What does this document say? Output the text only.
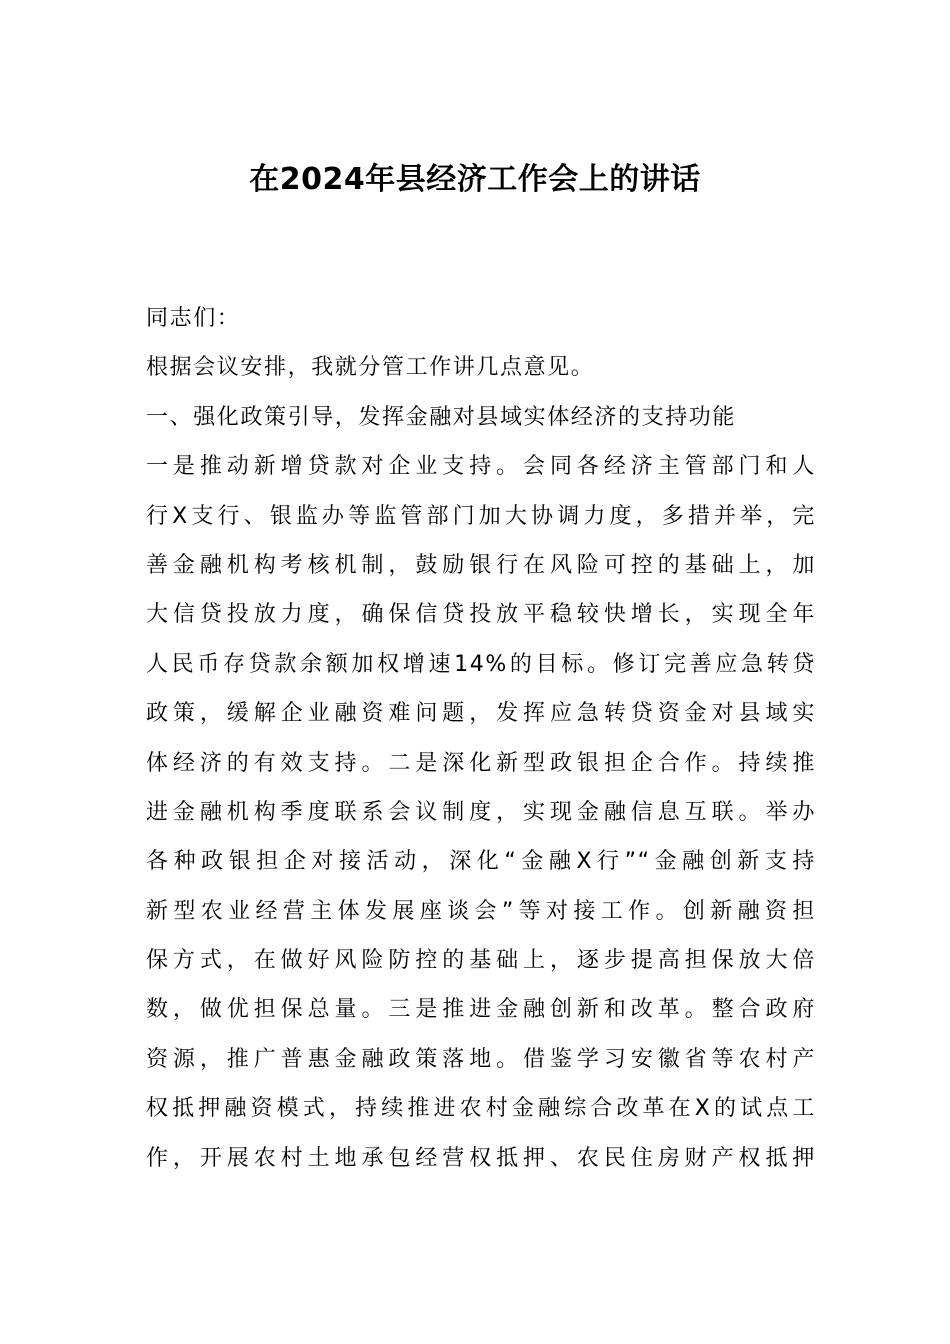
在2024年县经济工作会上的讲话
同志们：
根据会议安排，我就分管工作讲几点意见。
一、强化政策引导，发挥金融对县域实体经济的支持功能
一是推动新增贷款对企业支持。会同各经济主管部门和人
行X支行、银监办等监管部门加大协调力度，多措并举，完
善金融机构考核机制，鼓励银行在风险可控的基础上，加
大信贷投放力度，确保信贷投放平稳较快增长，实现全年
人民币存贷款余额加权增速14%的目标。修订完善应急转贷
政策，缓解企业融资难问题，发挥应急转贷资金对县域实
体经济的有效支持。二是深化新型政银担企合作。持续推
进金融机构季度联系会议制度，实现金融信息互联。举办
各种政银担企对接活动，深化“金融X行”“金融创新支持
新型农业经营主体发展座谈会”等对接工作。创新融资担
保方式，在做好风险防控的基础上，逐步提高担保放大倍
数，做优担保总量。三是推进金融创新和改革。整合政府
资源，推广普惠金融政策落地。借鉴学习安徽省等农村产
权抵押融资模式，持续推进农村金融综合改革在X的试点工
作，开展农村土地承包经营权抵押、农民住房财产权抵押
